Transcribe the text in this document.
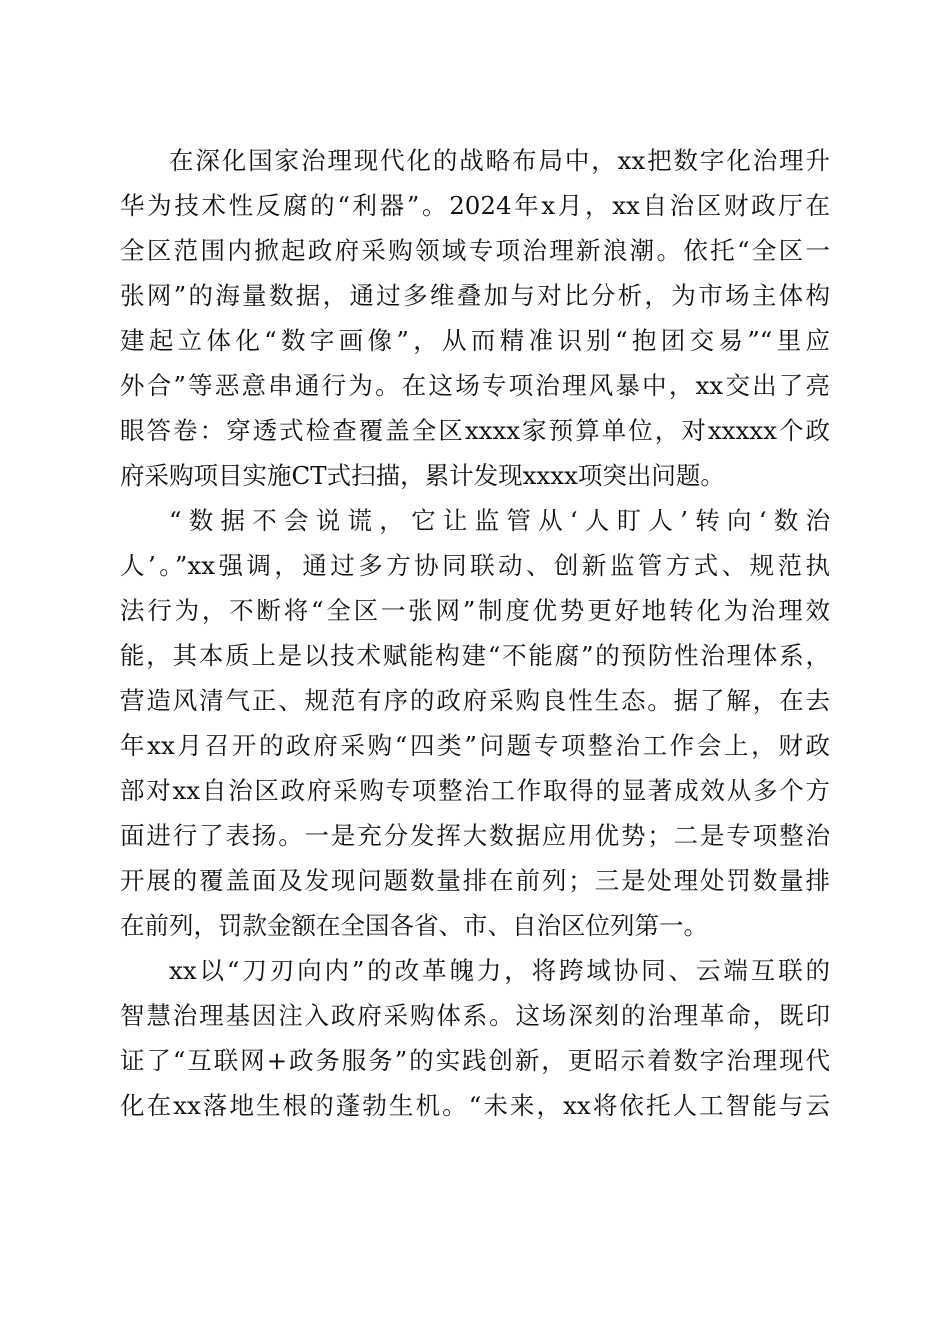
在深化国家治理现代化的战略布局中，xx把数字化治理升
华为技术性反腐的“利器”。2024年x月，xx自治区财政厅在
全区范围内掀起政府采购领域专项治理新浪潮。依托“全区一
张网”的海量数据，通过多维叠加与对比分析，为市场主体构
建起立体化“数字画像”，从而精准识别“抱团交易”“里应
外合”等恶意串通行为。在这场专项治理风暴中，xx交出了亮
眼答卷：穿透式检查覆盖全区xxxx家预算单位，对xxxxx个政
府采购项目实施CT式扫描，累计发现xxxx项突出问题。

“数据不会说谎，它让监管从‘人盯人’转向‘数治
人’。”xx强调，通过多方协同联动、创新监管方式、规范执
法行为，不断将“全区一张网”制度优势更好地转化为治理效
能，其本质上是以技术赋能构建“不能腐”的预防性治理体系，
营造风清气正、规范有序的政府采购良性生态。据了解，在去
年xx月召开的政府采购“四类”问题专项整治工作会上，财政
部对xx自治区政府采购专项整治工作取得的显著成效从多个方
面进行了表扬。一是充分发挥大数据应用优势；二是专项整治
开展的覆盖面及发现问题数量排在前列；三是处理处罚数量排
在前列，罚款金额在全国各省、市、自治区位列第一。

xx以“刀刃向内”的改革魄力，将跨域协同、云端互联的
智慧治理基因注入政府采购体系。这场深刻的治理革命，既印
证了“互联网+政务服务”的实践创新，更昭示着数字治理现代
化在xx落地生根的蓬勃生机。“未来，xx将依托人工智能与云
